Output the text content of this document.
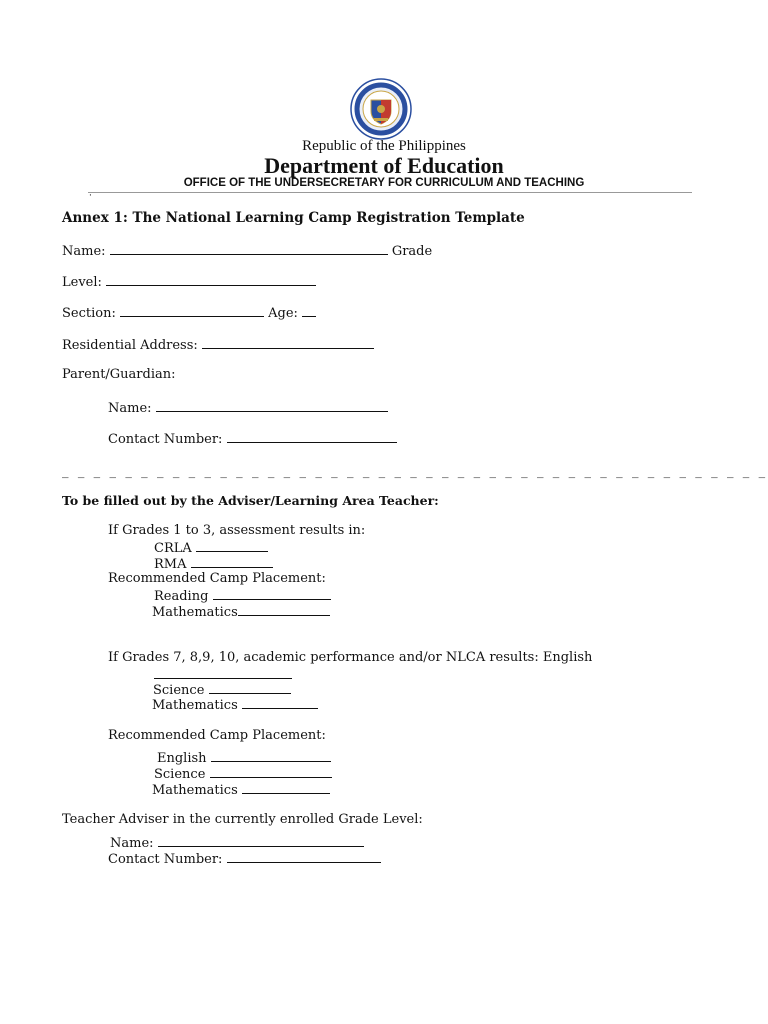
Republic of the Philippines
Department of Education
OFFICE OF THE UNDERSECRETARY FOR CURRICULUM AND TEACHING
·
Annex 1: The National Learning Camp Registration Template
Name:	Grade
Level:
Section:	Age:
Residential Address:
Parent/Guardian:
Name:
Contact Number:
_ _ _ _ _ _ _ _ _ _ _ _ _ _ _ _ _ _ _ _ _ _ _ _ _ _ _ _ _ _ _ _ _ _ _ _ _ _ _ _ _ _ _ _ _
To be filled out by the Adviser/Learning Area Teacher:
If Grades 1 to 3, assessment results in:
CRLA
RMA
Recommended Camp Placement:
Reading
Mathematics
If Grades 7, 8,9, 10, academic performance and/or NLCA results: English
Science
Mathematics
Recommended Camp Placement:
English
Science
Mathematics
Teacher Adviser in the currently enrolled Grade Level:
Name:
Contact Number:
